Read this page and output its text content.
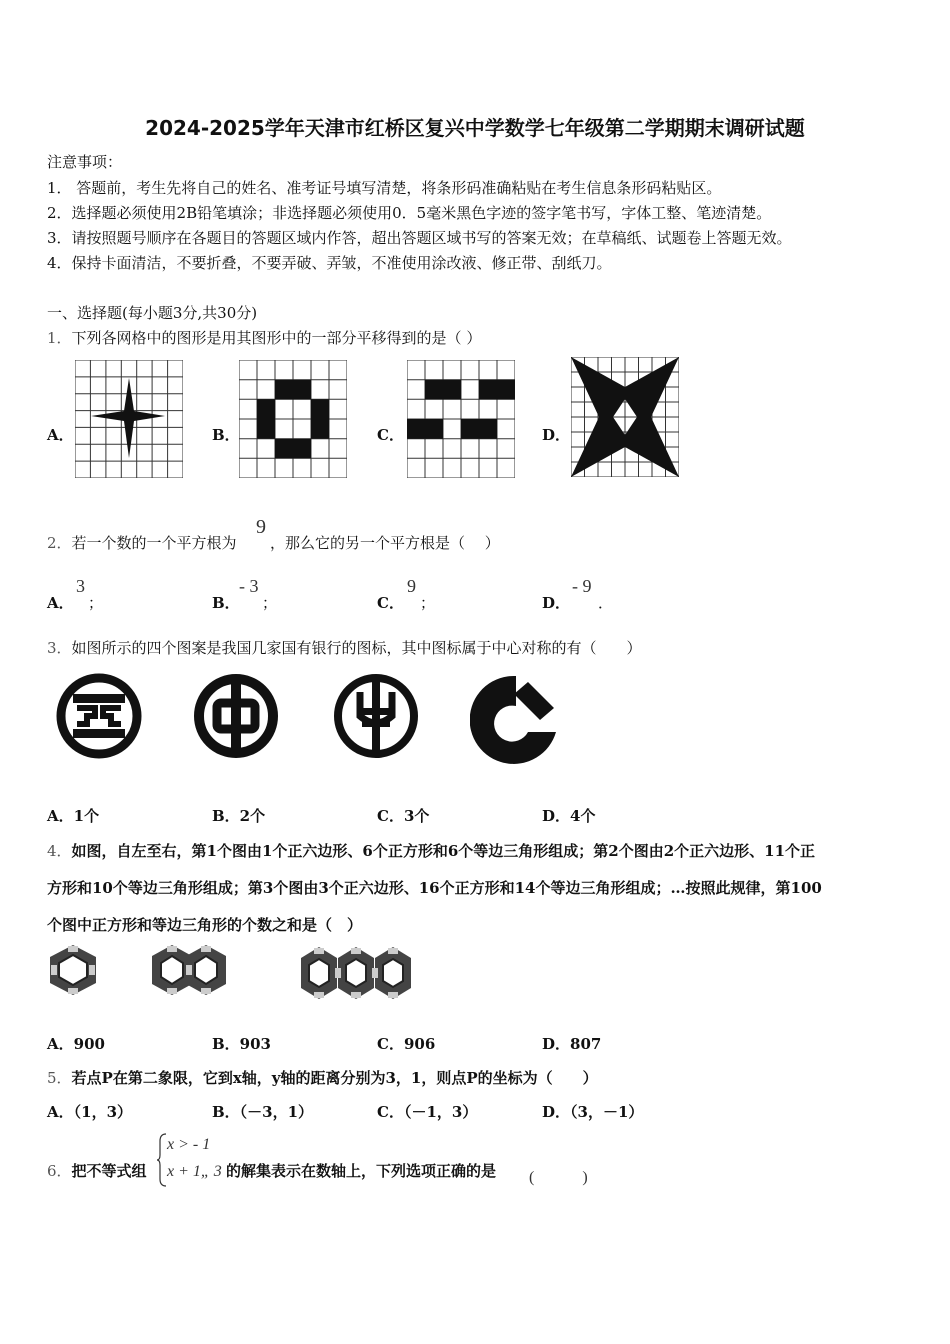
2024-2025学年天津市红桥区复兴中学数学七年级第二学期期末调研试题
注意事项：
1． 答题前，考生先将自己的姓名、准考证号填写清楚，将条形码准确粘贴在考生信息条形码粘贴区。
2．选择题必须使用2B铅笔填涂；非选择题必须使用0．5毫米黑色字迹的签字笔书写，字体工整、笔迹清楚。
3．请按照题号顺序在各题目的答题区域内作答，超出答题区域书写的答案无效；在草稿纸、试题卷上答题无效。
4．保持卡面清洁，不要折叠，不要弄破、弄皱，不准使用涂改液、修正带、刮纸刀。
一、选择题(每小题3分,共30分)
1．下列各网格中的图形是用其图形中的一部分平移得到的是（ ）
A．	B．	C．	D．
2．若一个数的一个平方根为
9
，那么它的另一个平方根是（　 ）
A．
3
；	B．
- 3
；	C．
9
；	D．
- 9
．
3．如图所示的四个图案是我国几家国有银行的图标，其中图标属于中心对称的有（　　）
A．1个	B．2个	C．3个	D．4个
4．如图，自左至右，第1个图由1个正六边形、6个正方形和6个等边三角形组成；第2个图由2个正六边形、11个正
方形和10个等边三角形组成；第3个图由3个正六边形、16个正方形和14个等边三角形组成；…按照此规律，第100
个图中正方形和等边三角形的个数之和是（　）
A．900	B．903	C．906	D．807
5．若点P在第二象限，它到x轴，y轴的距离分别为3，1，则点P的坐标为（　　）
A．（1，3）	B．（－3，1）	C．（－1，3）	D．（3，－1）
6．把不等式组
x > - 1
x + 1„ 3 的解集表示在数轴上，下列选项正确的是 (　　　)
